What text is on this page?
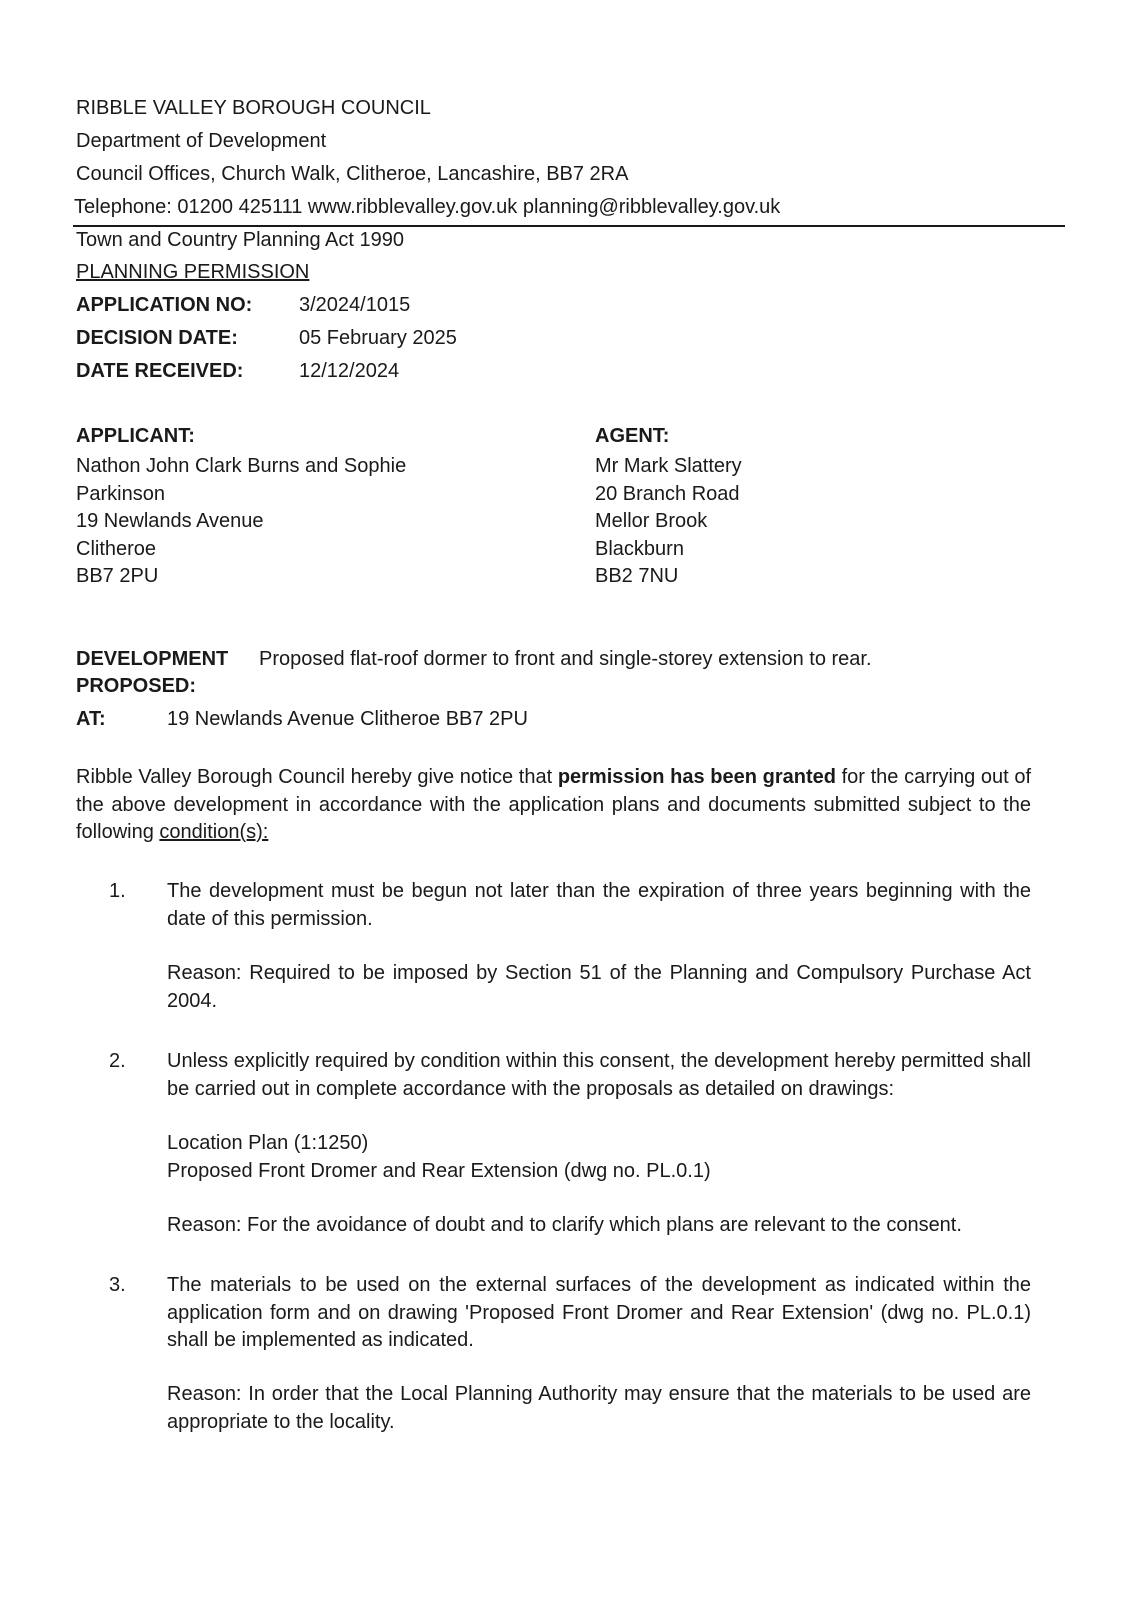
RIBBLE VALLEY BOROUGH COUNCIL
Department of Development
Council Offices, Church Walk, Clitheroe, Lancashire, BB7 2RA
Telephone: 01200 425111 www.ribblevalley.gov.uk planning@ribblevalley.gov.uk
Town and Country Planning Act 1990
PLANNING PERMISSION
APPLICATION NO: 3/2024/1015
DECISION DATE:	05 February 2025
DATE RECEIVED:	12/12/2024
APPLICANT:
Nathon John Clark Burns and Sophie
Parkinson
19 Newlands Avenue
Clitheroe
BB7 2PU
AGENT:
Mr Mark Slattery
20 Branch Road
Mellor Brook
Blackburn
BB2 7NU
DEVELOPMENT
PROPOSED:
Proposed flat-roof dormer to front and single-storey extension to rear.
AT:	19 Newlands Avenue Clitheroe BB7 2PU
Ribble Valley Borough Council hereby give notice that permission has been granted for the carrying out of the above development in accordance with the application plans and documents submitted subject to the following condition(s):
1. The development must be begun not later than the expiration of three years beginning with the date of this permission.
Reason: Required to be imposed by Section 51 of the Planning and Compulsory Purchase Act 2004.
2. Unless explicitly required by condition within this consent, the development hereby permitted shall be carried out in complete accordance with the proposals as detailed on drawings:
Location Plan (1:1250)
Proposed Front Dromer and Rear Extension (dwg no. PL.0.1)
Reason: For the avoidance of doubt and to clarify which plans are relevant to the consent.
3. The materials to be used on the external surfaces of the development as indicated within the application form and on drawing 'Proposed Front Dromer and Rear Extension' (dwg no. PL.0.1) shall be implemented as indicated.
Reason: In order that the Local Planning Authority may ensure that the materials to be used are appropriate to the locality.
